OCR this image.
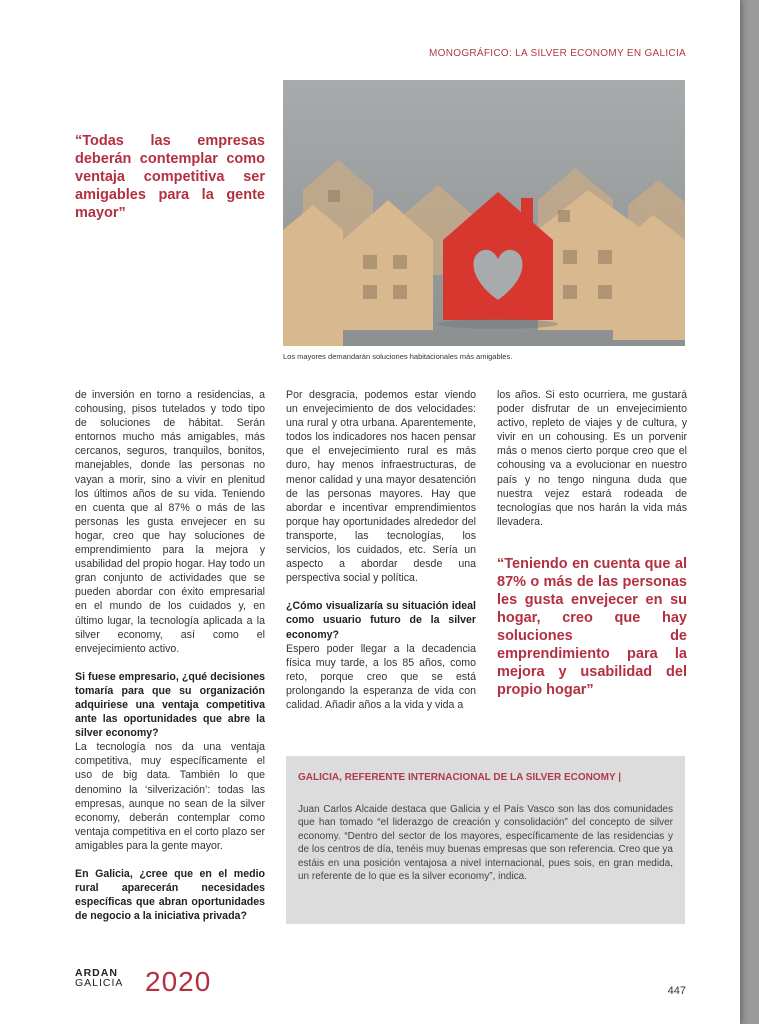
MONOGRÁFICO: LA SILVER ECONOMY EN GALICIA
Los mayores demandarán soluciones habitacionales más amigables.
“Todas las empresas deberán contemplar como ventaja competitiva ser amigables para la gente mayor”

de inversión en torno a residencias, a cohousing, pisos tutelados y todo tipo de soluciones de hábitat. Serán entornos mucho más amigables, más cercanos, seguros, tranquilos, bonitos, manejables, donde las personas no vayan a morir, sino a vivir en plenitud los últimos años de su vida. Teniendo en cuenta que al 87% o más de las personas les gusta envejecer en su hogar, creo que hay soluciones de emprendimiento para la mejora y usabilidad del propio hogar. Hay todo un gran conjunto de actividades que se pueden abordar con éxito empresarial en el mundo de los cuidados y, en último lugar, la tecnología aplicada a la silver economy, así como el envejecimiento activo.

Si fuese empresario, ¿qué decisiones tomaría para que su organización adquiriese una ventaja competitiva ante las oportunidades que abre la silver economy?

La tecnología nos da una ventaja competitiva, muy específicamente el uso de big data. También lo que denomino la ‘silverización’: todas las empresas, aunque no sean de la silver economy, deberán contemplar como ventaja competitiva en el corto plazo ser amigables para la gente mayor.

En Galicia, ¿cree que en el medio rural aparecerán necesidades específicas que abran oportunidades de negocio a la iniciativa privada?

Por desgracia, podemos estar viendo un envejecimiento de dos velocidades: una rural y otra urbana. Aparentemente, todos los indicadores nos hacen pensar que el envejecimiento rural es más duro, hay menos infraestructuras, de menor calidad y una mayor desatención de las personas mayores. Hay que abordar e incentivar emprendimientos porque hay oportunidades alrededor del transporte, las tecnologías, los servicios, los cuidados, etc. Sería un aspecto a abordar desde una perspectiva social y política.

¿Cómo visualizaría su situación ideal como usuario futuro de la silver economy?

Espero poder llegar a la decadencia física muy tarde, a los 85 años, como reto, porque creo que se está prolongando la esperanza de vida con calidad. Añadir años a la vida y vida a

los años. Si esto ocurriera, me gustará poder disfrutar de un envejecimiento activo, repleto de viajes y de cultura, y vivir en un cohousing. Es un porvenir más o menos cierto porque creo que el cohousing va a evolucionar en nuestro país y no tengo ninguna duda que nuestra vejez estará rodeada de tecnologías que nos harán la vida más llevadera.

“Teniendo en cuenta que al 87% o más de las personas les gusta envejecer en su hogar, creo que hay soluciones de emprendimiento para la mejora y usabilidad del propio hogar”
GALICIA, REFERENTE INTERNACIONAL DE LA SILVER ECONOMY |
Juan Carlos Alcaide destaca que Galicia y el País Vasco son las dos comunidades que han tomado “el liderazgo de creación y consolidación” del concepto de silver economy. “Dentro del sector de los mayores, específicamente de las residencias y de los centros de día, tenéis muy buenas empresas que son referencia. Creo que ya estáis en una posición ventajosa a nivel internacional, pues sois, en gran medida, un referente de lo que es la silver economy”, indica.
ARDAN
GALICIA 2020	447
